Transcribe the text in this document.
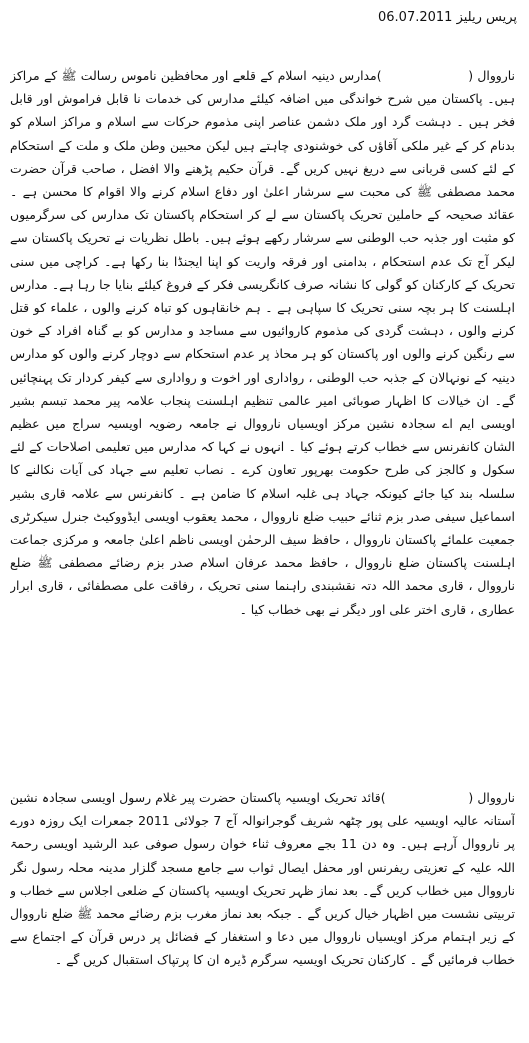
پریس ریلیز 06.07.2011
نارووال (                    )مدارس دینیہ اسلام کے قلعے اور محافظین ناموس رسالت ﷺ کے مراکز ہیں۔ پاکستان میں شرح خواندگی میں اضافہ کیلئے مدارس کی خدمات نا قابل فراموش اور قابل فخر ہیں ۔ دہشت گرد اور ملک دشمن عناصر اپنی مذموم حرکات سے اسلام و مراکز اسلام کو بدنام کر کے غیر ملکی آقاؤں کی خوشنودی چاہتے ہیں لیکن محبین وطن ملک و ملت کے استحکام کے لئے کسی قربانی سے دریغ نہیں کریں گے۔ قرآن حکیم پڑھنے والا افضل ، صاحب قرآن حضرت محمد مصطفی ﷺ کی محبت سے سرشار اعلیٰ اور دفاع اسلام کرنے والا اقوام کا محسن ہے ۔ عقائد صحیحہ کے حاملین تحریک پاکستان سے لے کر استحکام پاکستان تک مدارس کی سرگرمیوں کو مثبت اور جذبہ حب الوطنی سے سرشار رکھے ہوئے ہیں۔ باطل نظریات نے تحریک پاکستان سے لیکر آج تک عدم استحکام ، بدامنی اور فرقہ واریت کو اپنا ایجنڈا بنا رکھا ہے۔ کراچی میں سنی تحریک کے کارکنان کو گولی کا نشانہ صرف کانگریسی فکر کے فروغ کیلئے بنایا جا رہا ہے۔ مدارس اہلسنت کا ہر بچہ سنی تحریک کا سپاہی ہے ۔ ہم خانقاہوں کو تباہ کرنے والوں ، علماء کو قتل کرنے والوں ، دہشت گردی کی مذموم کاروائیوں سے مساجد و مدارس کو بے گناہ افراد کے خون سے رنگین کرنے والوں اور پاکستان کو ہر محاذ پر عدم استحکام سے دوچار کرنے والوں کو مدارس دینیہ کے نونہالان کے جذبہ حب الوطنی ، رواداری اور اخوت و رواداری سے کیفر کردار تک پہنچائیں گے۔ ان خیالات کا اظہار صوبائی امیر عالمی تنظیم اہلسنت پنجاب علامہ پیر محمد تبسم بشیر اویسی ایم اے سجادہ نشین مرکز اویسیاں نارووال نے جامعہ رضویہ اویسیہ سراج میں عظیم الشان کانفرنس سے خطاب کرتے ہوئے کیا ۔ انہوں نے کہا کہ مدارس میں تعلیمی اصلاحات کے لئے سکول و کالجز کی طرح حکومت بھرپور تعاون کرے ۔ نصاب تعلیم سے جہاد کی آیات نکالنے کا سلسلہ بند کیا جائے کیونکہ جہاد ہی غلبہ اسلام کا ضامن ہے ۔ کانفرنس سے علامہ قاری بشیر اسماعیل سیفی صدر بزم ثنائے حبیب ضلع نارووال ، محمد یعقوب اویسی ایڈووکیٹ جنرل سیکرٹری جمعیت علمائے پاکستان نارووال ، حافظ سیف الرحمٰن اویسی ناظم اعلیٰ جامعہ و مرکزی جماعت اہلسنت پاکستان ضلع نارووال ، حافظ محمد عرفان اسلام صدر بزم رضائے مصطفی ﷺ ضلع نارووال ، قاری محمد اللہ دتہ نقشبندی راہنما سنی تحریک ، رفاقت علی مصطفائی ، قاری ابرار عطاری ، قاری اختر علی اور دیگر نے بھی خطاب کیا ۔
نارووال (                    )قائد تحریک اویسیہ پاکستان حضرت پیر غلام رسول اویسی سجادہ نشین آستانہ عالیہ اویسیہ علی پور چٹھہ شریف گوجرانوالہ آج 7 جولائی 2011 جمعرات ایک روزہ دورے پر نارووال آرہے ہیں۔ وہ دن 11 بجے معروف ثناء خوان رسول صوفی عبد الرشید اویسی رحمۃ اللہ علیہ کے تعزیتی ریفرنس اور محفل ایصال ثواب سے جامع مسجد گلزار مدینہ محلہ رسول نگر نارووال میں خطاب کریں گے۔ بعد نماز ظہر تحریک اویسیہ پاکستان کے ضلعی اجلاس سے خطاب و تربیتی نشست میں اظہار خیال کریں گے ۔ جبکہ بعد نماز مغرب بزم رضائے محمد ﷺ ضلع نارووال کے زیر اہتمام مرکز اویسیاں نارووال میں دعا و استغفار کے فضائل پر درس قرآن کے اجتماع سے خطاب فرمائیں گے ۔ کارکنان تحریک اویسیہ سرگرم ڈیرہ ان کا پرتپاک استقبال کریں گے ۔
